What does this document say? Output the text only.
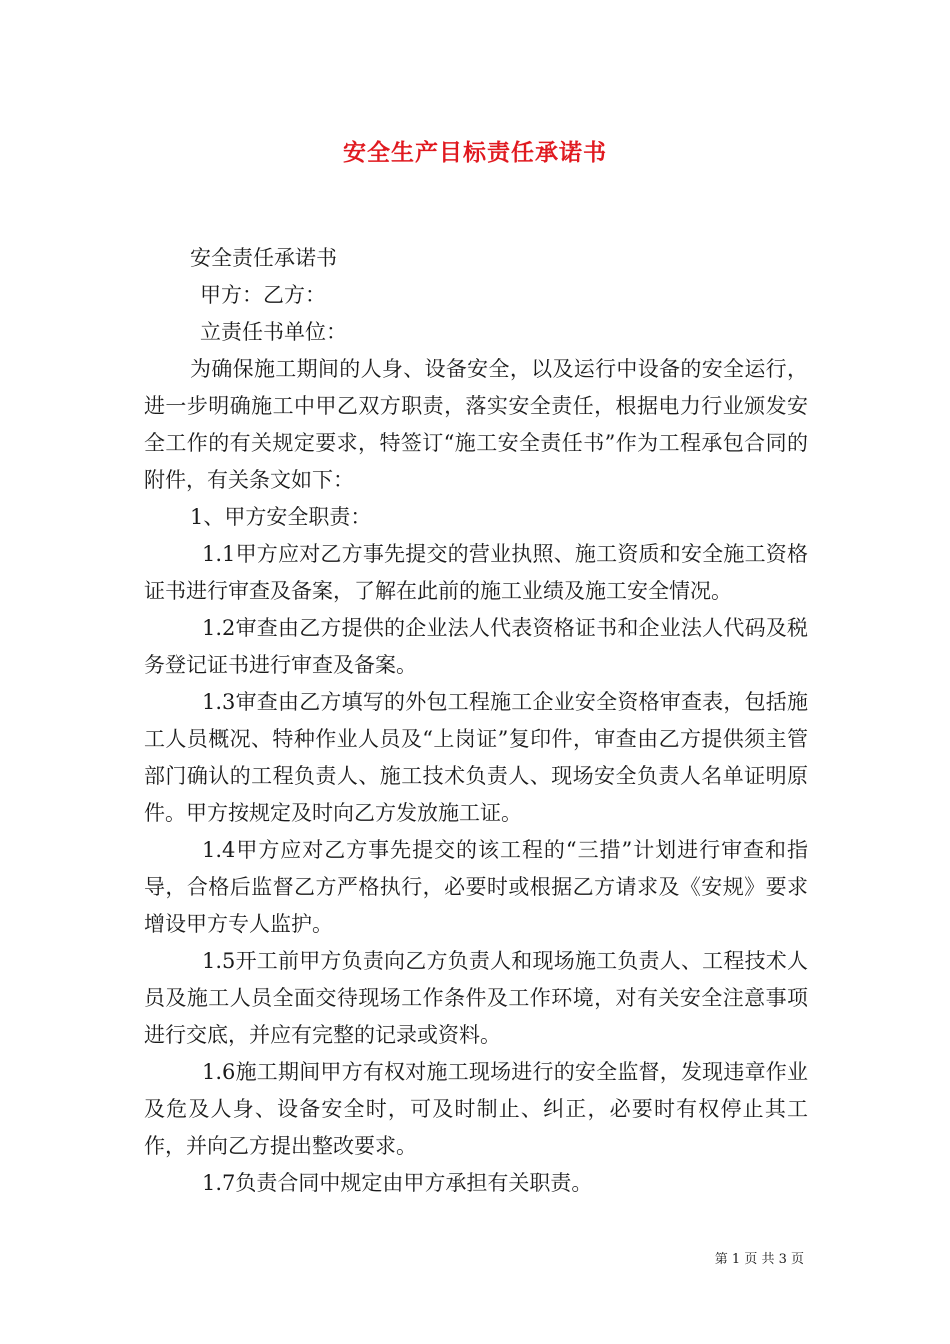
安全生产目标责任承诺书

安全责任承诺书

甲方：乙方：

立责任书单位：

为确保施工期间的人身、设备安全，以及运行中设备的安全运行，进一步明确施工中甲乙双方职责，落实安全责任，根据电力行业颁发安全工作的有关规定要求，特签订“施工安全责任书”作为工程承包合同的附件，有关条文如下：

1、甲方安全职责：

1.1甲方应对乙方事先提交的营业执照、施工资质和安全施工资格证书进行审查及备案，了解在此前的施工业绩及施工安全情况。

1.2审查由乙方提供的企业法人代表资格证书和企业法人代码及税务登记证书进行审查及备案。

1.3审查由乙方填写的外包工程施工企业安全资格审查表，包括施工人员概况、特种作业人员及“上岗证”复印件，审查由乙方提供须主管部门确认的工程负责人、施工技术负责人、现场安全负责人名单证明原件。甲方按规定及时向乙方发放施工证。

1.4甲方应对乙方事先提交的该工程的“三措”计划进行审查和指导，合格后监督乙方严格执行，必要时或根据乙方请求及《安规》要求增设甲方专人监护。

1.5开工前甲方负责向乙方负责人和现场施工负责人、工程技术人员及施工人员全面交待现场工作条件及工作环境，对有关安全注意事项进行交底，并应有完整的记录或资料。

1.6施工期间甲方有权对施工现场进行的安全监督，发现违章作业及危及人身、设备安全时，可及时制止、纠正，必要时有权停止其工作，并向乙方提出整改要求。

1.7负责合同中规定由甲方承担有关职责。

第 1 页 共 3 页
